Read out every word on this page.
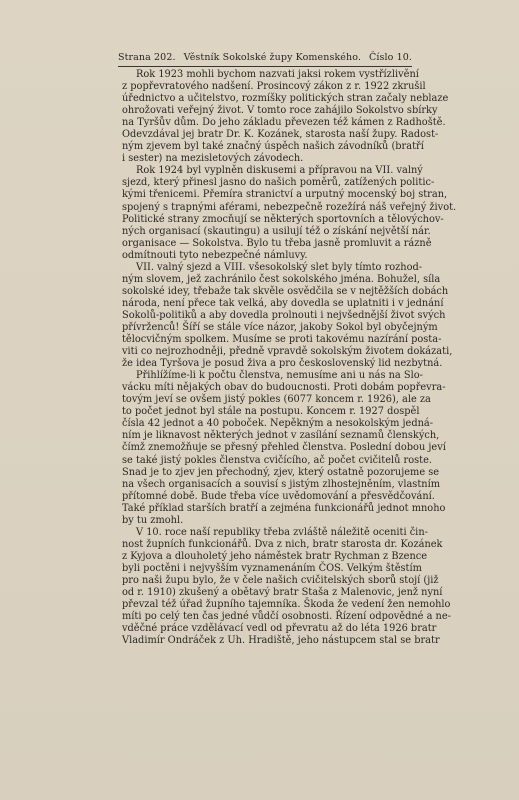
Strana 202. Věstník Sokolské župy Komenského. Číslo 10.
Rok 1923 mohli bychom nazvati jaksi rokem vystřízlivění
z popřevratového nadšení. Prosincový zákon z r. 1922 zkrušil
úřednictvo a učitelstvo, rozmíšky politických stran začaly neblaze
ohrožovati veřejný život. V tomto roce zahájilo Sokolstvo sbírky
na Tyršův dům. Do jeho základu převezen též kámen z Radhoště.
Odevzdával jej bratr Dr. K. Kozánek, starosta naší župy. Radost-
ným zjevem byl také značný úspěch našich závodníků (bratří
i sester) na mezisletových závodech.
Rok 1924 byl vyplněn diskusemi a přípravou na VII. valný
sjezd, který přinesl jasno do našich poměrů, zatížených politic-
kými třenicemi. Přemíra stranictví a urputný mocenský boj stran,
spojený s trapnými aférami, nebezpečně rozežírá náš veřejný život.
Politické strany zmocňují se některých sportovních a tělovýchov-
ných organisací (skautingu) a usilují též o získání největší nár.
organisace — Sokolstva. Bylo tu třeba jasně promluvit a rázně
odmítnouti tyto nebezpečné námluvy.
VII. valný sjezd a VIII. všesokolský slet byly tímto rozhod-
ným slovem, jež zachránilo čest sokolského jména. Bohužel, síla
sokolské idey, třebaže tak skvěle osvědčila se v nejtěžších dobách
národa, není přece tak velká, aby dovedla se uplatniti i v jednání
Sokolů-politiků a aby dovedla prolnouti i nejvšednější život svých
přívrženců! Šíří se stále více názor, jakoby Sokol byl obyčejným
tělocvičným spolkem. Musíme se proti takovému nazírání posta-
viti co nejrozhodněji, předně vpravdě sokolským životem dokázati,
že idea Tyršova je posud živa a pro československý lid nezbytná.
Přihlížíme-li k počtu členstva, nemusíme ani u nás na Slo-
vácku míti nějakých obav do budoucnosti. Proti dobám popřevra-
tovým jeví se ovšem jistý pokles (6077 koncem r. 1926), ale za
to počet jednot byl stále na postupu. Koncem r. 1927 dospěl
čísla 42 jednot a 40 poboček. Nepěkným a nesokolským jedná-
ním je liknavost některých jednot v zasílání seznamů členských,
čímž znemožňuje se přesný přehled členstva. Poslední dobou jeví
se také jistý pokles členstva cvičícího, ač počet cvičitelů roste.
Snad je to zjev jen přechodný, zjev, který ostatně pozorujeme se
na všech organisacích a souvisí s jistým zlhostejněním, vlastním
přítomné době. Bude třeba více uvědomování a přesvědčování.
Také příklad starších bratří a zejména funkcionářů jednot mnoho
by tu zmohl.
V 10. roce naší republiky třeba zvláště náležitě oceniti čin-
nost župních funkcionářů. Dva z nich, bratr starosta dr. Kozánek
z Kyjova a dlouholetý jeho náměstek bratr Rychman z Bzence
byli poctěni i nejvyšším vyznamenáním ČOS. Velkým štěstím
pro naši župu bylo, že v čele našich cvičitelských sborů stojí (již
od r. 1910) zkušený a obětavý bratr Staša z Malenovic, jenž nyní
převzal též úřad župního tajemníka. Škoda že vedení žen nemohlo
míti po celý ten čas jedné vůdčí osobnosti. Řízení odpovědné a ne-
vděčné práce vzdělávací vedl od převratu až do léta 1926 bratr
Vladimír Ondráček z Uh. Hradiště, jeho nástupcem stal se bratr
